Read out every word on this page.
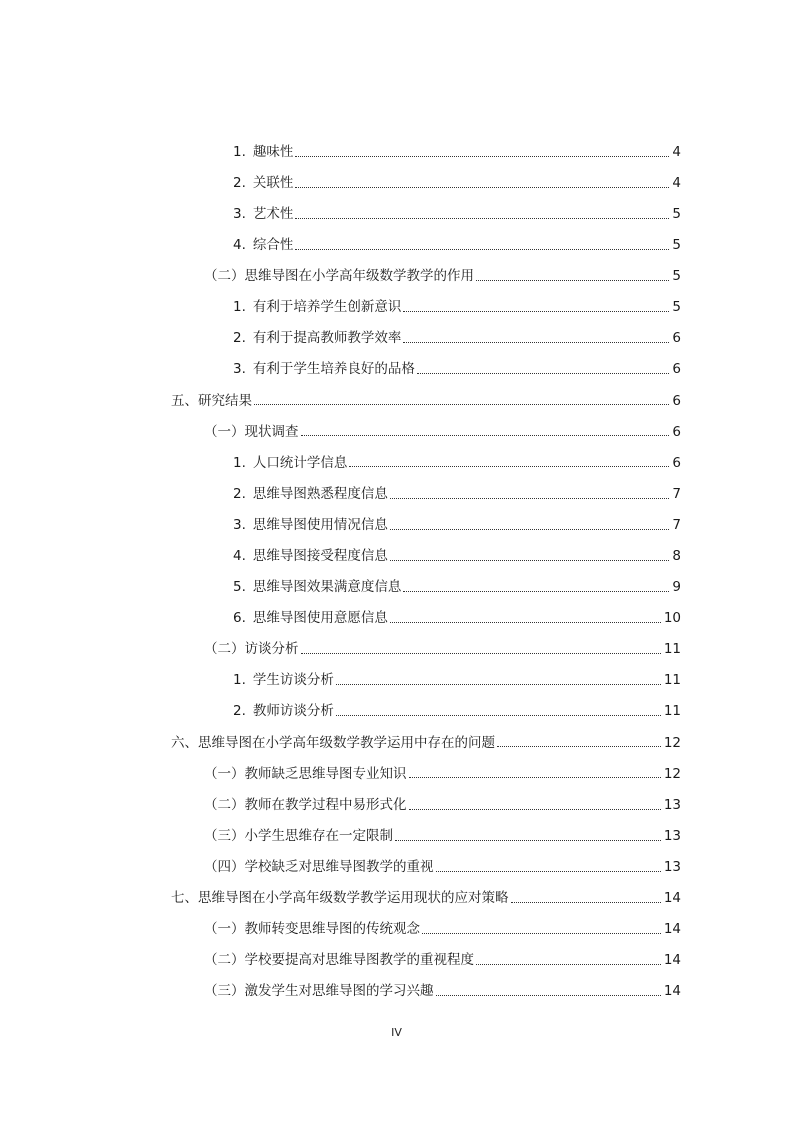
1. 趣味性	4
2. 关联性	4
3. 艺术性	5
4. 综合性	5
（二）思维导图在小学高年级数学教学的作用	5
1. 有利于培养学生创新意识	5
2. 有利于提高教师教学效率	6
3. 有利于学生培养良好的品格	6
五、研究结果	6
（一）现状调查	6
1. 人口统计学信息	6
2. 思维导图熟悉程度信息	7
3. 思维导图使用情况信息	7
4. 思维导图接受程度信息	8
5. 思维导图效果满意度信息	9
6. 思维导图使用意愿信息	10
（二）访谈分析	11
1. 学生访谈分析	11
2. 教师访谈分析	11
六、思维导图在小学高年级数学教学运用中存在的问题	12
（一）教师缺乏思维导图专业知识	12
（二）教师在教学过程中易形式化	13
（三）小学生思维存在一定限制	13
（四）学校缺乏对思维导图教学的重视	13
七、思维导图在小学高年级数学教学运用现状的应对策略	14
（一）教师转变思维导图的传统观念	14
（二）学校要提高对思维导图教学的重视程度	14
（三）激发学生对思维导图的学习兴趣	14
IV
